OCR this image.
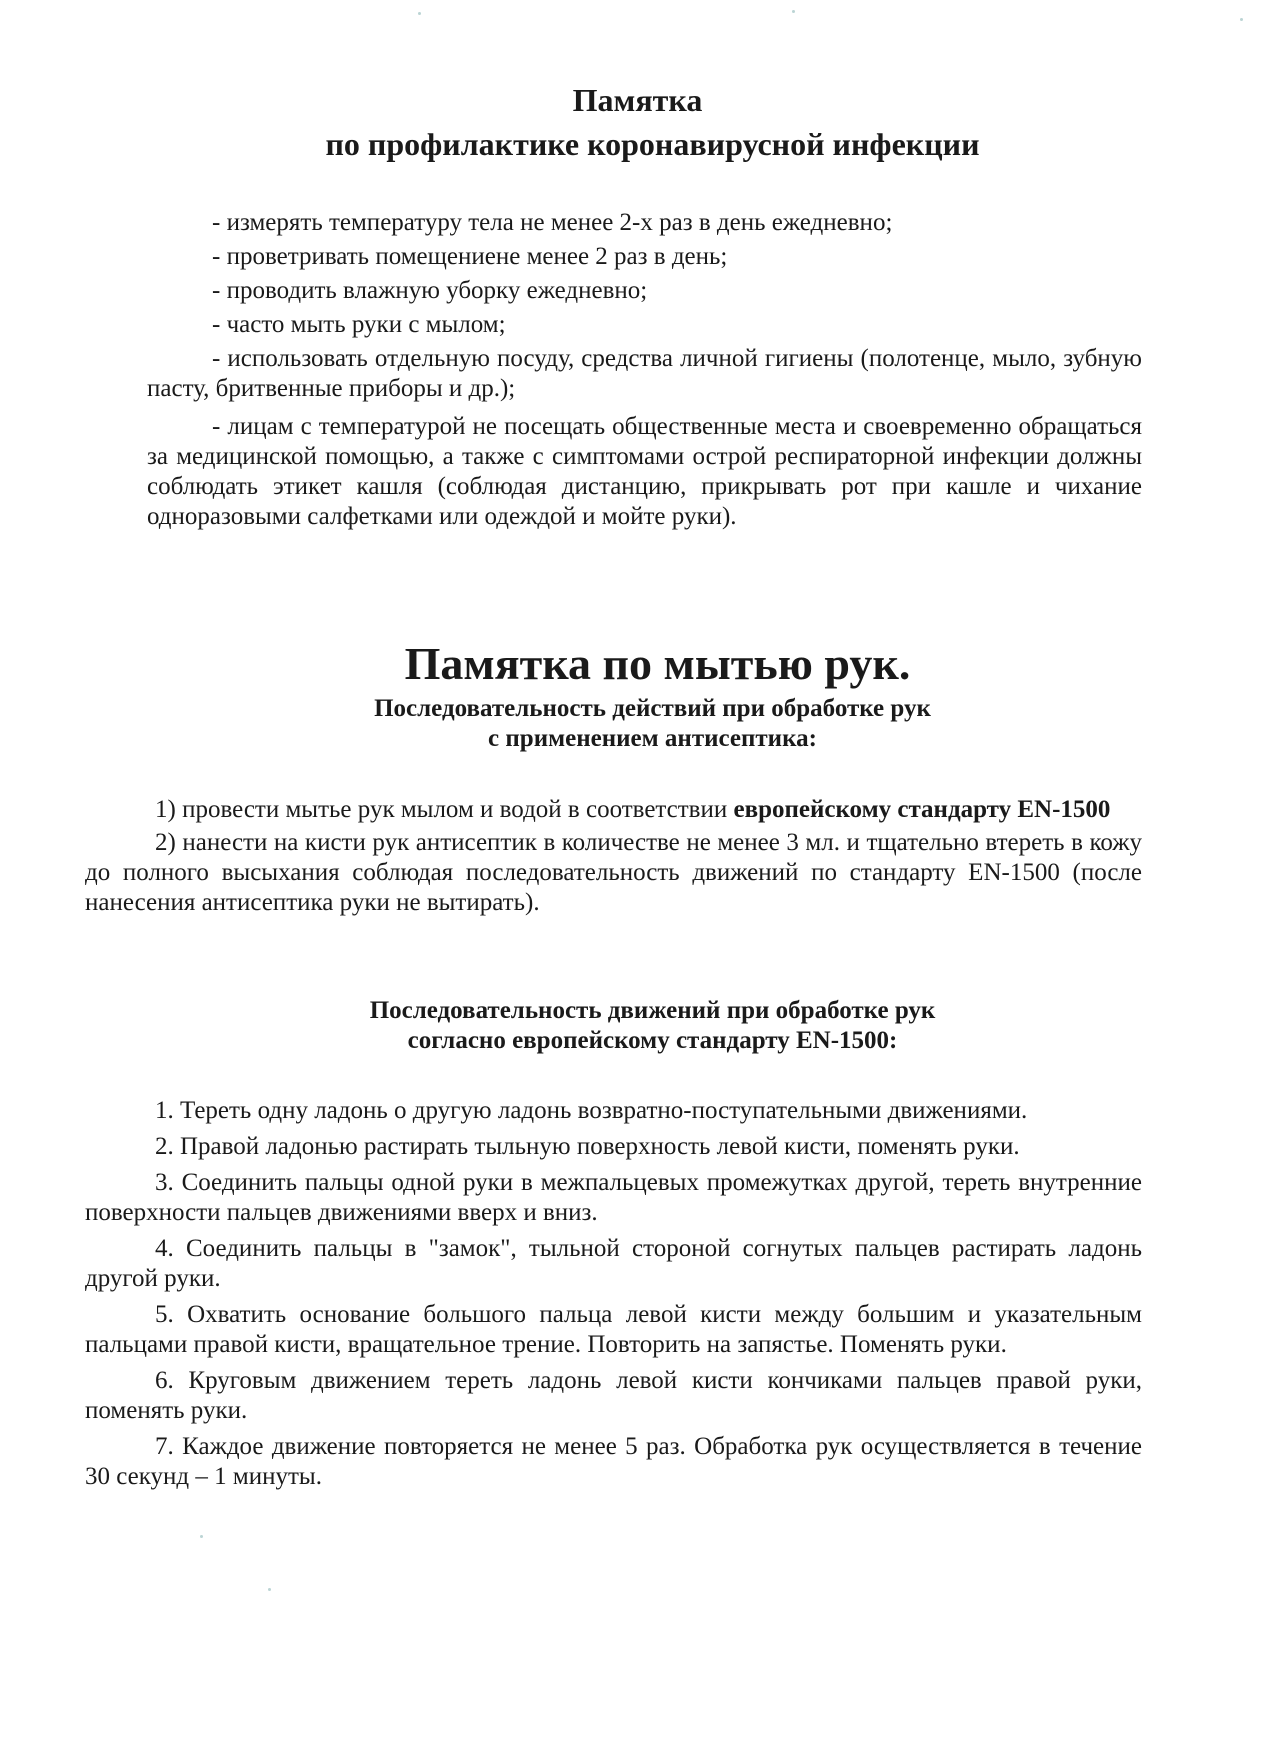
Памятка
по профилактике коронавирусной инфекции

- измерять температуру тела не менее 2-х раз в день ежедневно;

- проветривать помещениене менее 2 раз в день;

- проводить влажную уборку ежедневно;

- часто мыть руки с мылом;

- использовать отдельную посуду, средства личной гигиены (полотенце, мыло, зубную пасту, бритвенные приборы и др.);

- лицам с температурой не посещать общественные места и своевременно обращаться за медицинской помощью, а также с симптомами острой респираторной инфекции должны соблюдать этикет кашля (соблюдая дистанцию, прикрывать рот при кашле и чихание одноразовыми салфетками или одеждой и мойте руки).

Памятка по мытью рук.
Последовательность действий при обработке рук
с применением антисептика:

1) провести мытье рук мылом и водой в соответствии европейскому стандарту EN-1500

2) нанести на кисти рук антисептик в количестве не менее 3 мл. и тщательно втереть в кожу до полного высыхания соблюдая последовательность движений по стандарту EN-1500 (после нанесения антисептика руки не вытирать).

Последовательность движений при обработке рук
согласно европейскому стандарту EN-1500:

1. Тереть одну ладонь о другую ладонь возвратно-поступательными движениями.

2. Правой ладонью растирать тыльную поверхность левой кисти, поменять руки.

3. Соединить пальцы одной руки в межпальцевых промежутках другой, тереть внутренние поверхности пальцев движениями вверх и вниз.

4. Соединить пальцы в "замок", тыльной стороной согнутых пальцев растирать ладонь другой руки.

5. Охватить основание большого пальца левой кисти между большим и указательным пальцами правой кисти, вращательное трение. Повторить на запястье. Поменять руки.

6. Круговым движением тереть ладонь левой кисти кончиками пальцев правой руки, поменять руки.

7. Каждое движение повторяется не менее 5 раз. Обработка рук осуществляется в течение 30 секунд – 1 минуты.
